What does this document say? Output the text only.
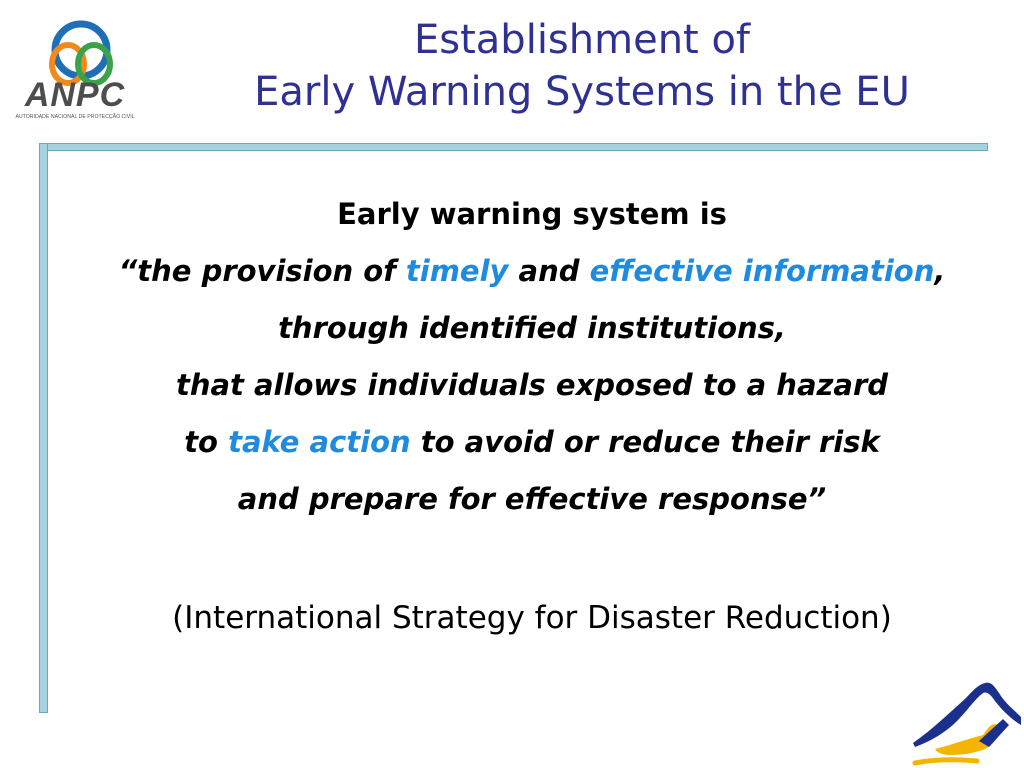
ANPC
AUTORIDADE NACIONAL DE PROTECÇÃO CIVIL
Establishment of
Early Warning Systems in the EU
Early warning system is
“the provision of timely and effective information,
through identified institutions,
that allows individuals exposed to a hazard
to take action to avoid or reduce their risk
and prepare for effective response”
(International Strategy for Disaster Reduction)
